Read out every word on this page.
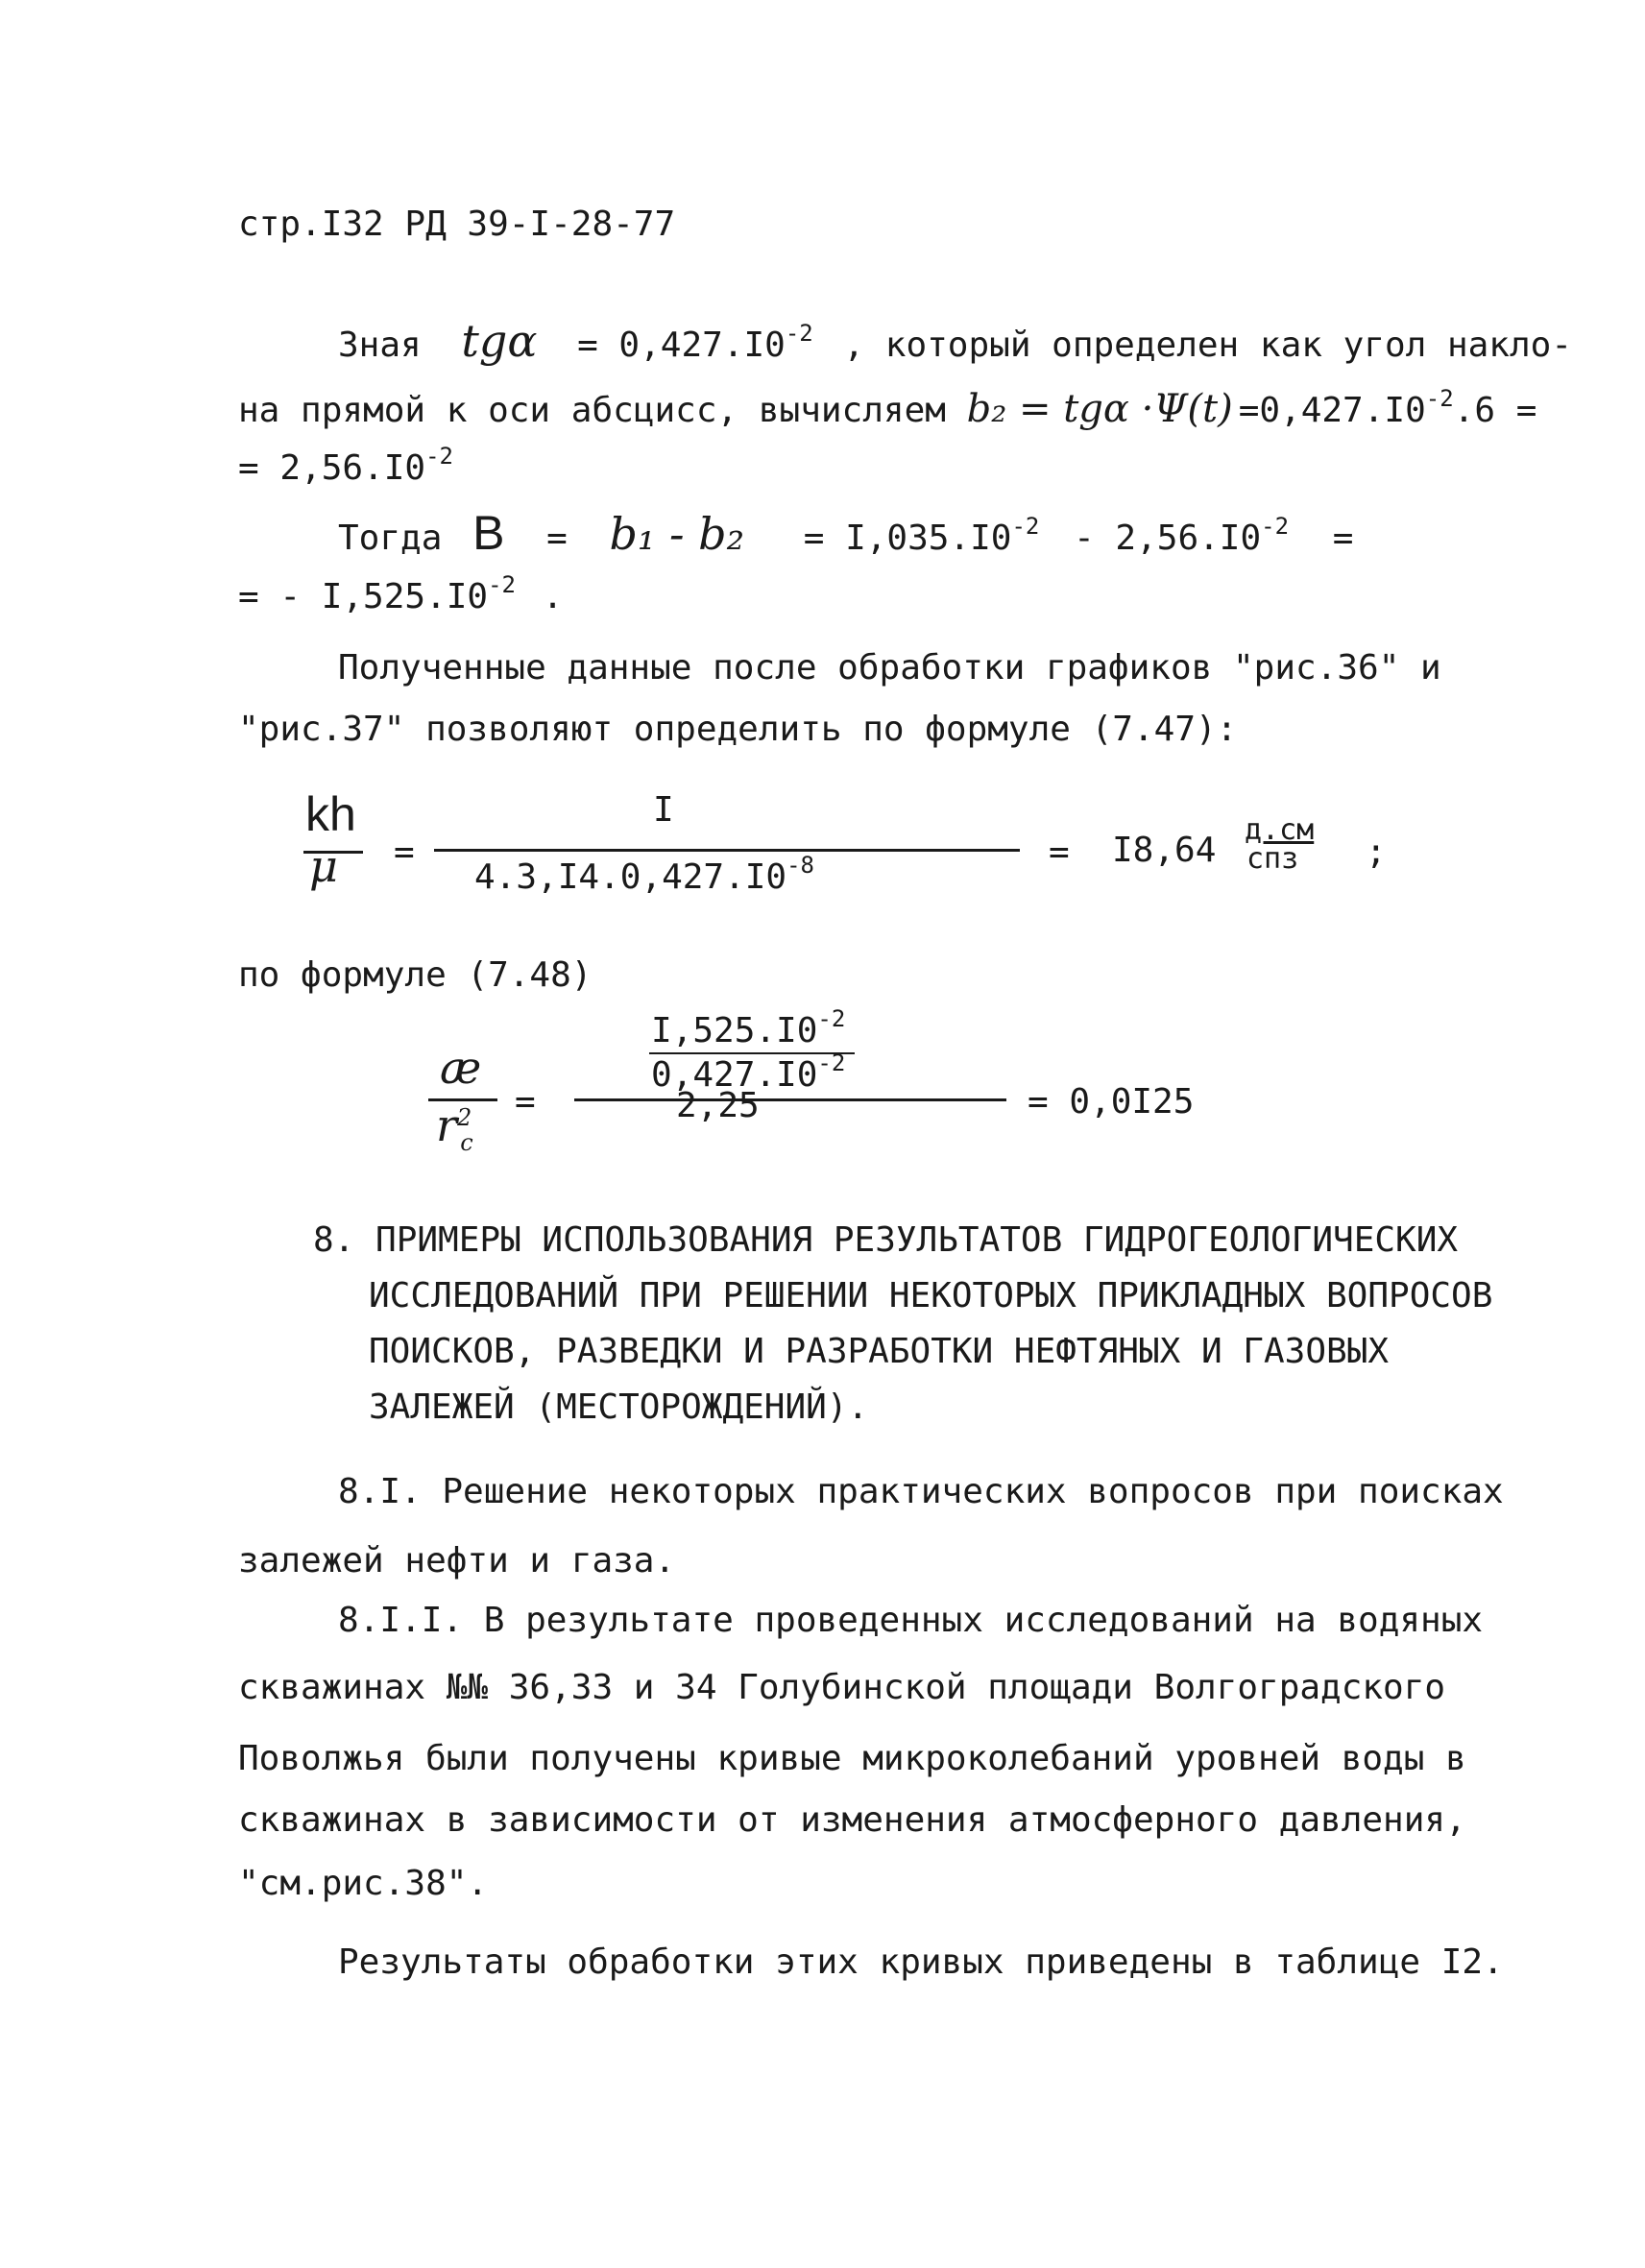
стр.I32 РД 39-I-28-77
Зная $tg\alpha = 0,427.I0^{-2}$ , который определен как угол накло-
на прямой к оси абсцисс, вычисляем $b_2 = tg\alpha \cdot\Psi(t) =0,427.I0^{-2}.6$ =
= $2,56.I0^{-2}$
Тогда $B = b_1 - b_2 = I,035.I0^{-2} - 2,56.I0^{-2}$ =
= - $I,525.I0^{-2}$ .
Полученные данные после обработки графиков "рис.36" и
"рис.37" позволяют определить по формуле (7.47):
kh
μ =
I
$4.3,I4.0,427.I0^{-8}$	= I8,64
д.см
спз ;
по формуле (7.48)
æ
$r^2_c$
=
$I,525.I0^{-2}$
$0,427.I0^{-2}$
2,25	= 0,0I25
8. ПРИМЕРЫ ИСПОЛЬЗОВАНИЯ РЕЗУЛЬТАТОВ ГИДРОГЕОЛОГИЧЕСКИХ
ИССЛЕДОВАНИЙ ПРИ РЕШЕНИИ НЕКОТОРЫХ ПРИКЛАДНЫХ ВОПРОСОВ
ПОИСКОВ, РАЗВЕДКИ И РАЗРАБОТКИ НЕФТЯНЫХ И ГАЗОВЫХ
ЗАЛЕЖЕЙ (МЕСТОРОЖДЕНИЙ).
8.I. Решение некоторых практических вопросов при поисках
залежей нефти и газа.
8.I.I. В результате проведенных исследований на водяных
скважинах №№ 36,33 и 34 Голубинской площади Волгоградского
Поволжья были получены кривые микроколебаний уровней воды в
скважинах в зависимости от изменения атмосферного давления,
"см.рис.38".
Результаты обработки этих кривых приведены в таблице I2.
